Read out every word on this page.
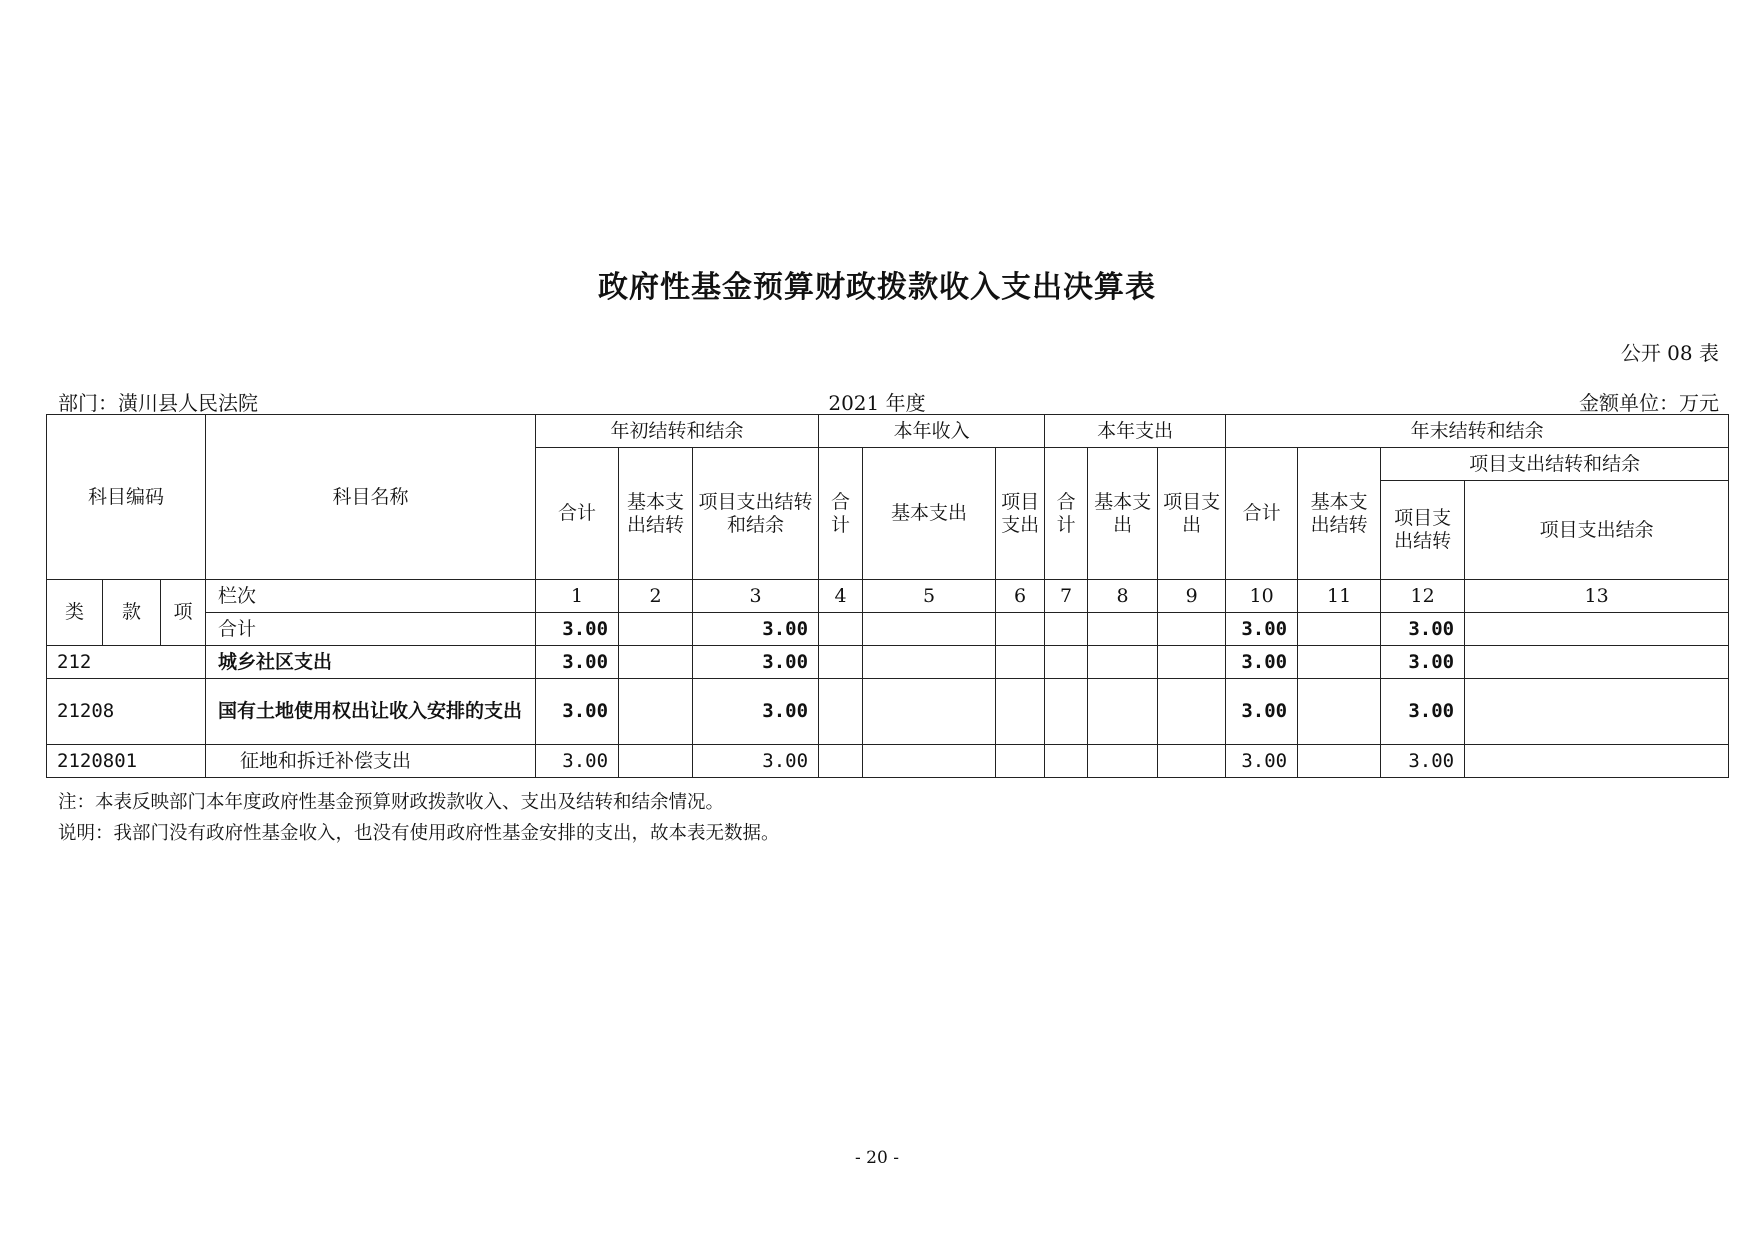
政府性基金预算财政拨款收入支出决算表
公开 08 表
部门：潢川县人民法院	2021 年度	金额单位：万元
科目编码			科目名称	年初结转和结余			本年收入			本年支出			年末结转和结余			
				合计	基本支出结转	项目支出结转和结余	合计	基本支出	项目支出	合计	基本支出	项目支出	合计	基本支出结转	项目支出结转和结余	
															项目支出结转	项目支出结余
类	款	项	栏次	1	2	3	4	5	6	7	8	9	10	11	12	13
			合计	3.00		3.00							3.00		3.00	
212			城乡社区支出	3.00		3.00							3.00		3.00	
21208			国有土地使用权出让收入安排的支出	3.00		3.00							3.00		3.00	
2120801			征地和拆迁补偿支出	3.00		3.00							3.00		3.00	
注：本表反映部门本年度政府性基金预算财政拨款收入、支出及结转和结余情况。
说明：我部门没有政府性基金收入，也没有使用政府性基金安排的支出，故本表无数据。
- 20 -
